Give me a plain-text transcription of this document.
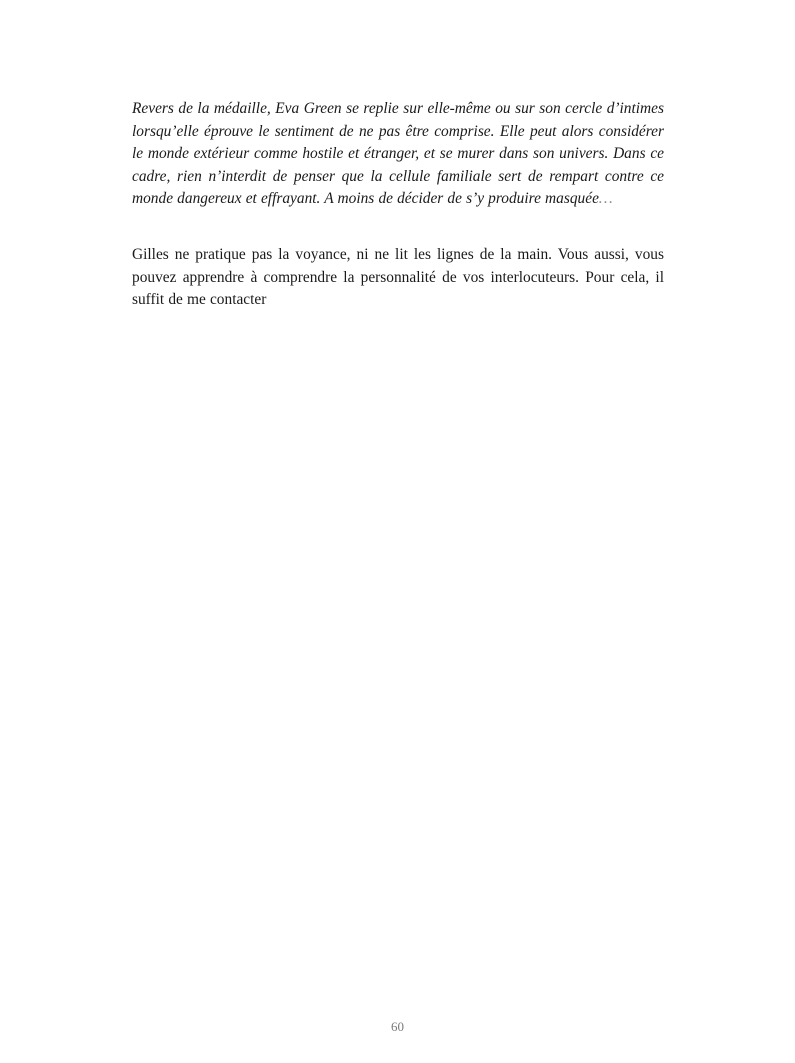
Revers de la médaille, Eva Green se replie sur elle-même ou sur son cercle d’intimes lorsqu’elle éprouve le sentiment de ne pas être comprise. Elle peut alors considérer le monde extérieur comme hostile et étranger, et se murer dans son univers. Dans ce cadre, rien n’interdit de penser que la cellule familiale sert de rempart contre ce monde dangereux et effrayant. A moins de décider de s’y produire masquée…

Gilles ne pratique pas la voyance, ni ne lit les lignes de la main. Vous aussi, vous pouvez apprendre à comprendre la personnalité de vos interlocuteurs. Pour cela, il suffit de me contacter

60
